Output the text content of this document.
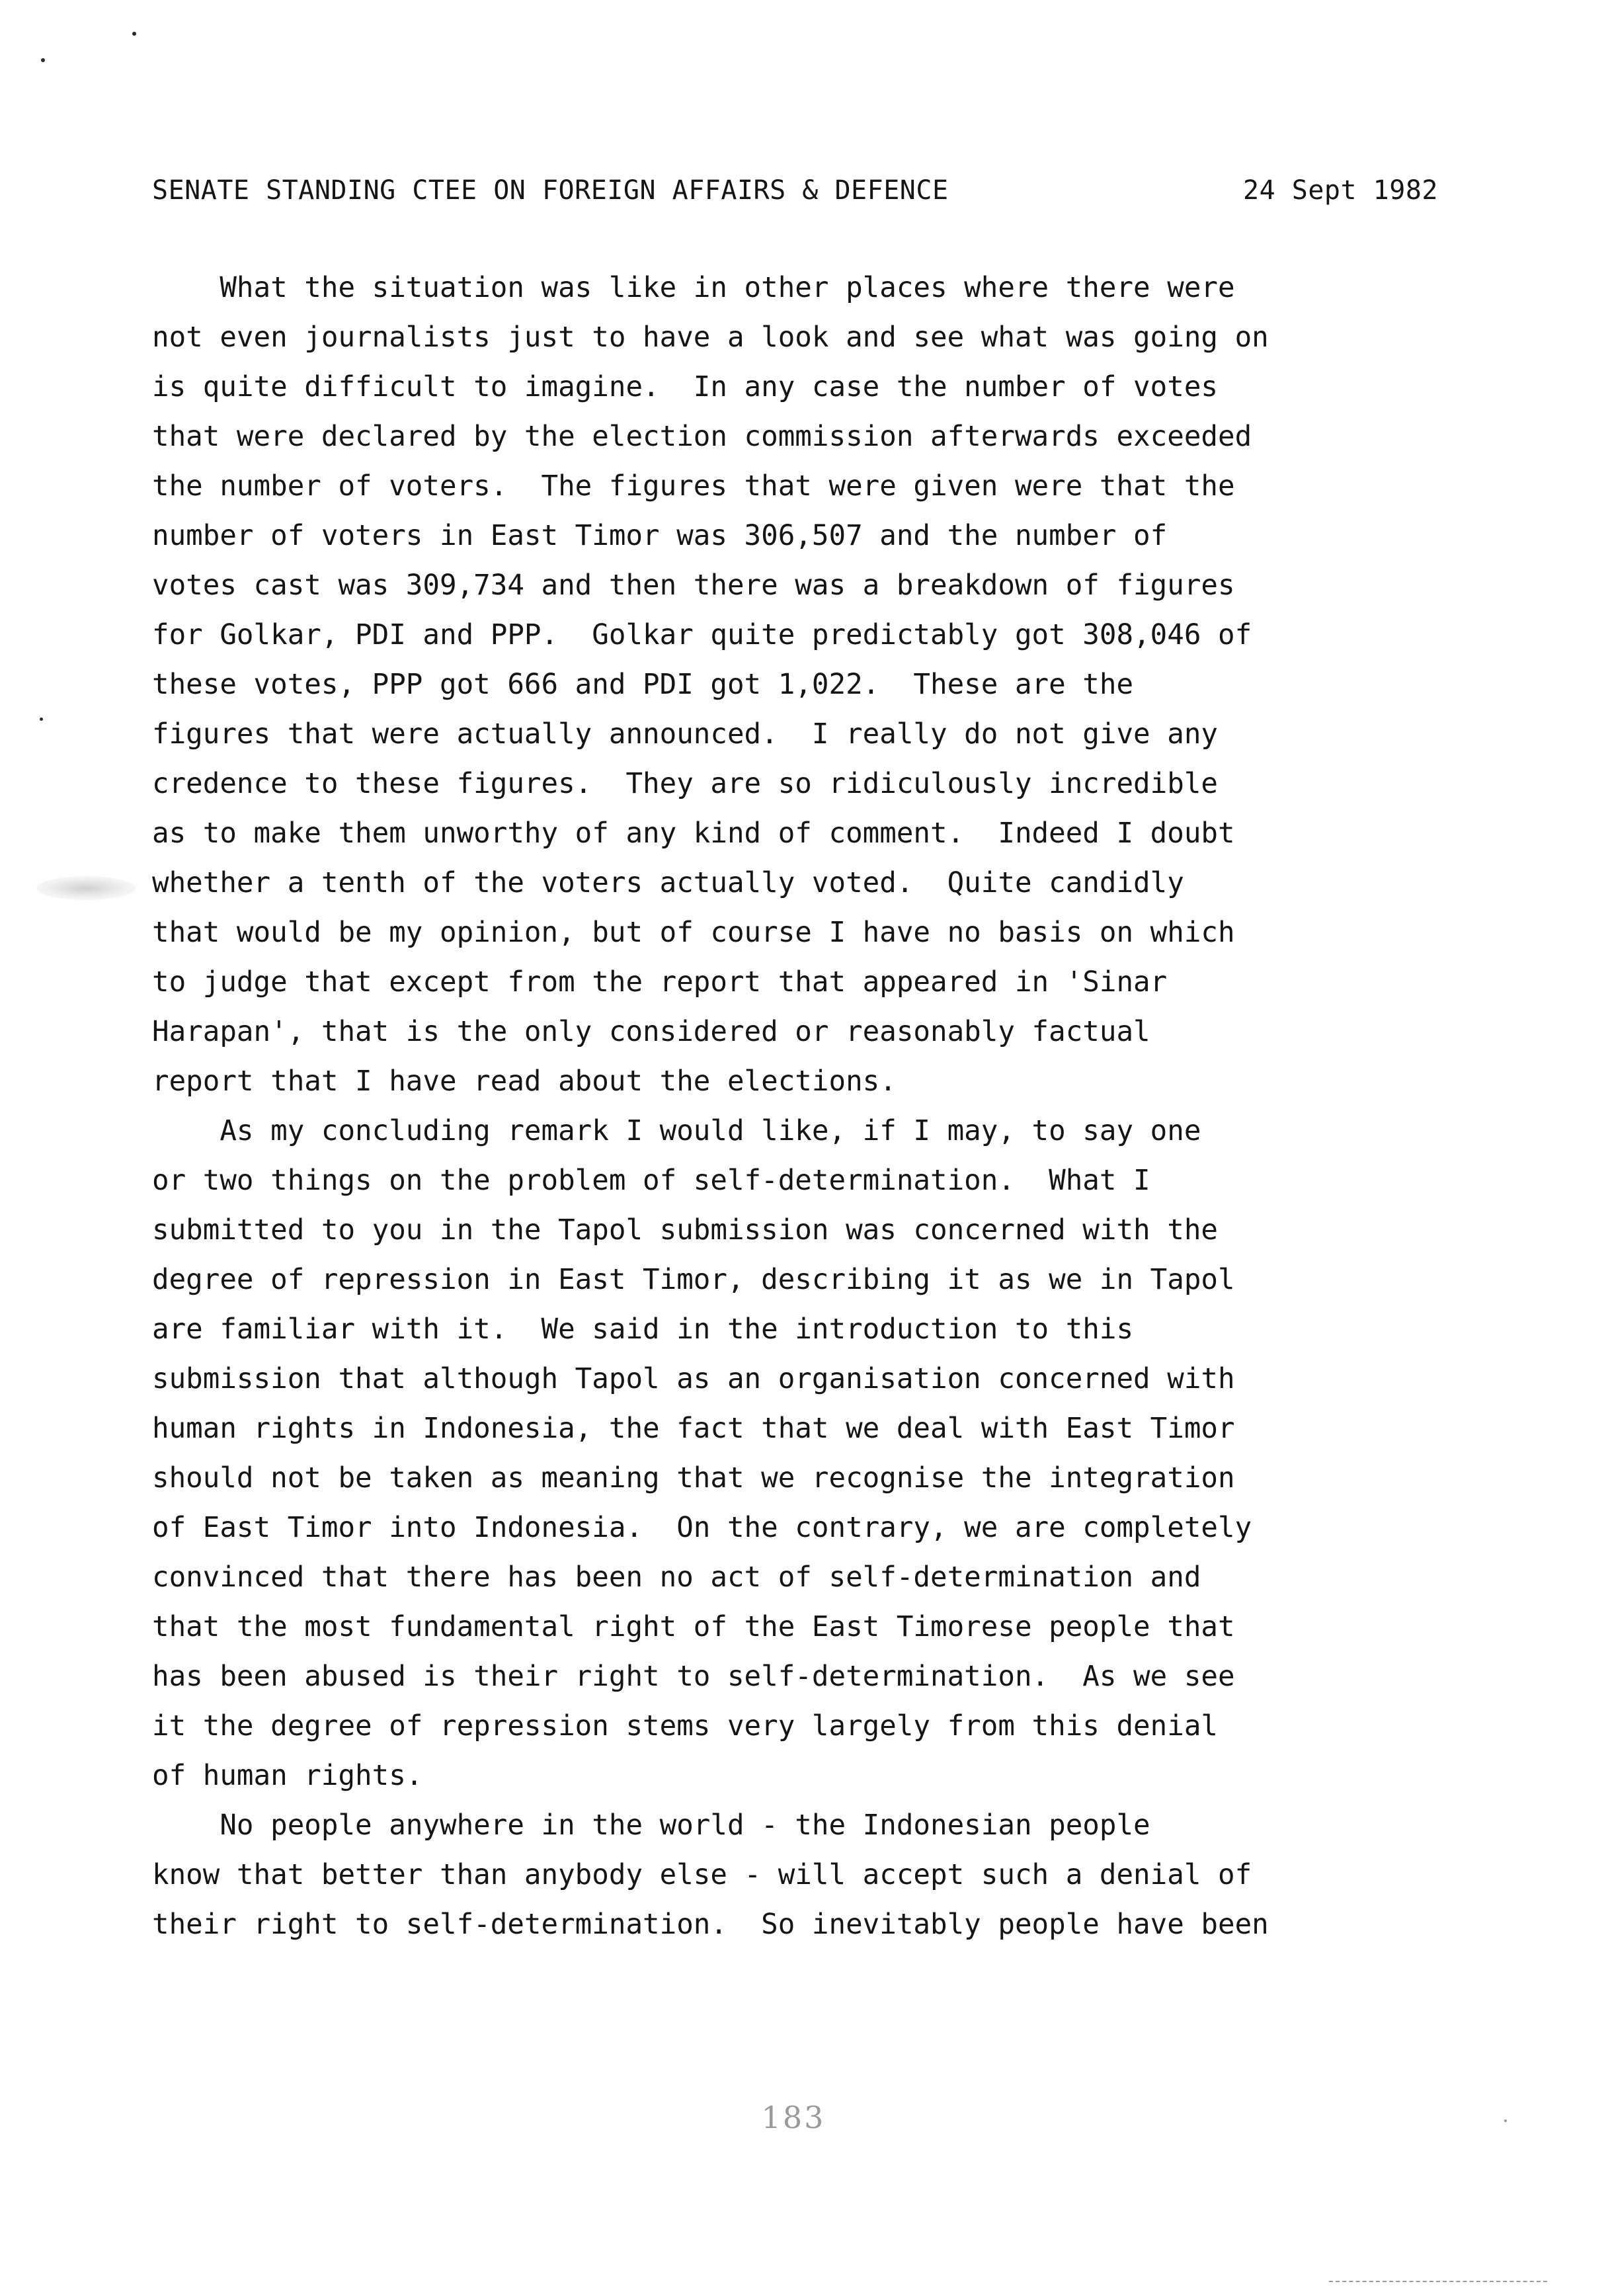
SENATE STANDING CTEE ON FOREIGN AFFAIRS & DEFENCE	24 Sept 1982
What the situation was like in other places where there were
not even journalists just to have a look and see what was going on
is quite difficult to imagine.  In any case the number of votes
that were declared by the election commission afterwards exceeded
the number of voters.  The figures that were given were that the
number of voters in East Timor was 306,507 and the number of
votes cast was 309,734 and then there was a breakdown of figures
for Golkar, PDI and PPP.  Golkar quite predictably got 308,046 of
these votes, PPP got 666 and PDI got 1,022.  These are the
figures that were actually announced.  I really do not give any
credence to these figures.  They are so ridiculously incredible
as to make them unworthy of any kind of comment.  Indeed I doubt
whether a tenth of the voters actually voted.  Quite candidly
that would be my opinion, but of course I have no basis on which
to judge that except from the report that appeared in 'Sinar
Harapan', that is the only considered or reasonably factual
report that I have read about the elections.
As my concluding remark I would like, if I may, to say one
or two things on the problem of self-determination.  What I
submitted to you in the Tapol submission was concerned with the
degree of repression in East Timor, describing it as we in Tapol
are familiar with it.  We said in the introduction to this
submission that although Tapol as an organisation concerned with
human rights in Indonesia, the fact that we deal with East Timor
should not be taken as meaning that we recognise the integration
of East Timor into Indonesia.  On the contrary, we are completely
convinced that there has been no act of self-determination and
that the most fundamental right of the East Timorese people that
has been abused is their right to self-determination.  As we see
it the degree of repression stems very largely from this denial
of human rights.
No people anywhere in the world - the Indonesian people
know that better than anybody else - will accept such a denial of
their right to self-determination.  So inevitably people have been
183
